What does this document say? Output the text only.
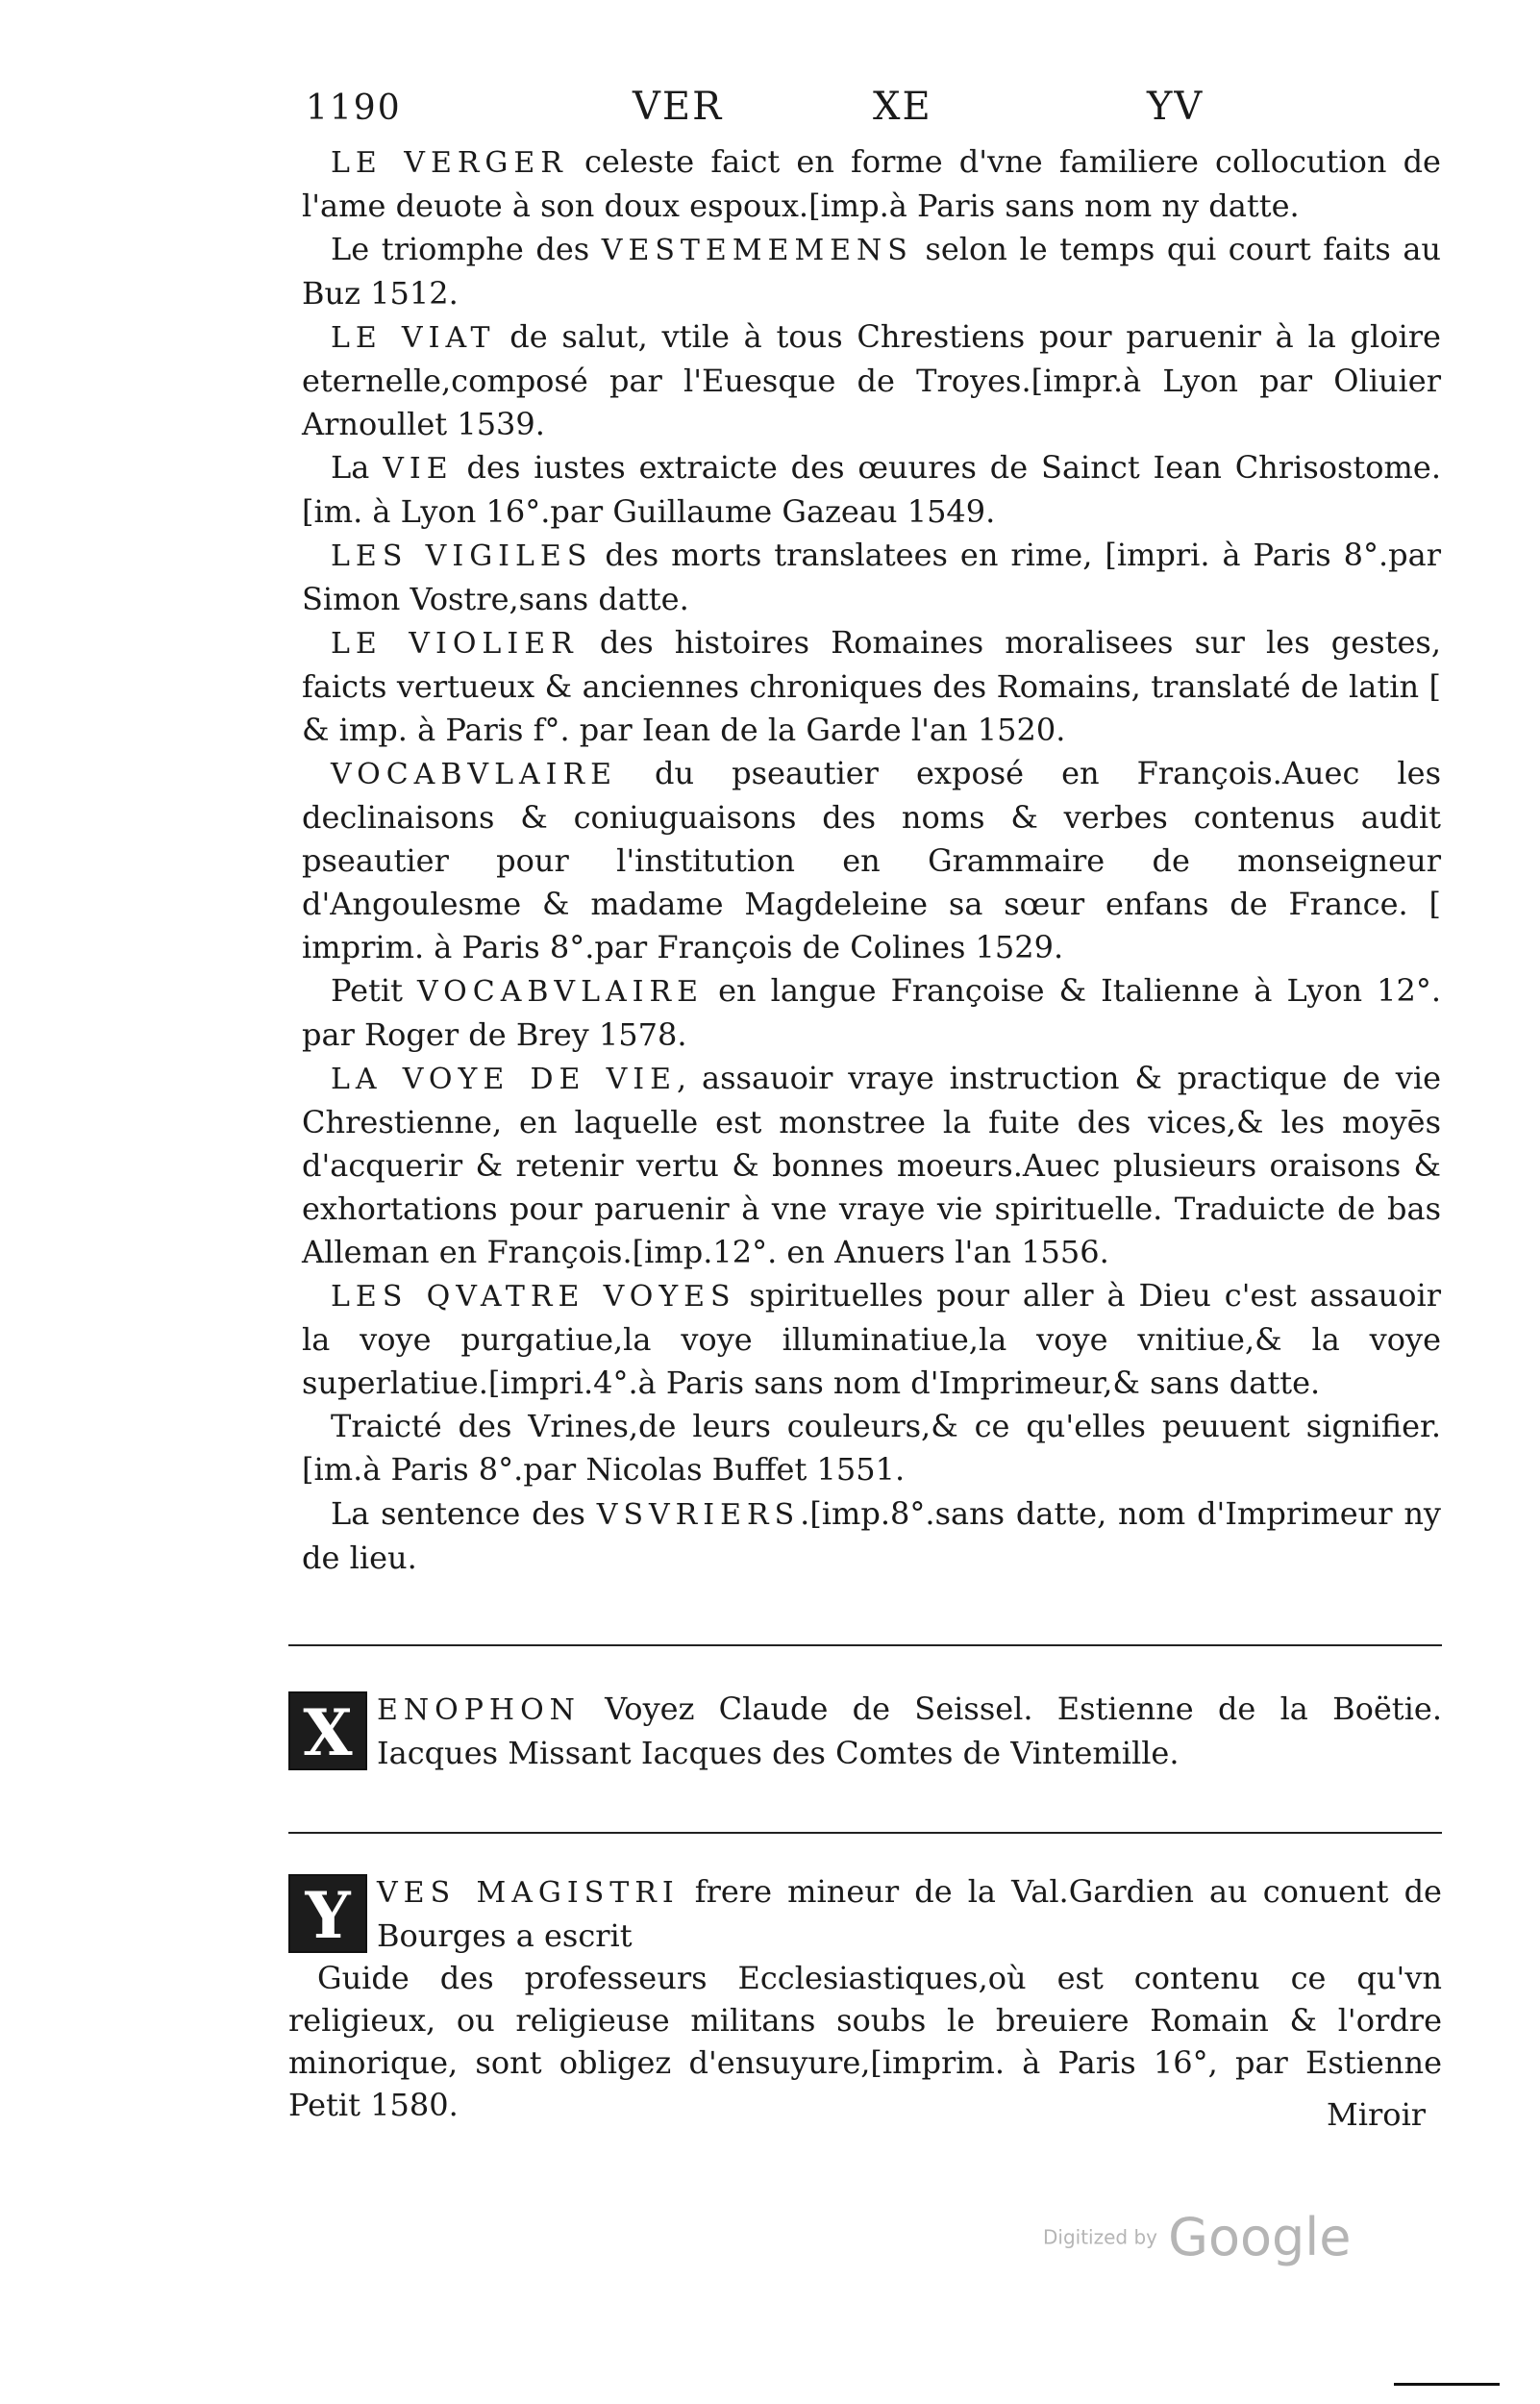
1190	VER	XE	YV

LE VERGER celeste faict en forme d'vne familiere collocution de l'ame deuote à son doux espoux.[imp.à Paris sans nom ny datte.

Le triomphe des VESTEMEMENS selon le temps qui court faits au Buz 1512.

LE VIAT de salut, vtile à tous Chrestiens pour paruenir à la gloire eternelle,composé par l'Euesque de Troyes.[impr.à Lyon par Oliuier Arnoullet 1539.

La VIE des iustes extraicte des œuures de Sainct Iean Chrisostome. [im. à Lyon 16°.par Guillaume Gazeau 1549.

LES VIGILES des morts translatees en rime, [impri. à Paris 8°.par Simon Vostre,sans datte.

LE VIOLIER des histoires Romaines moralisees sur les gestes, faicts vertueux & anciennes chroniques des Romains, translaté de latin [ & imp. à Paris f°. par Iean de la Garde l'an 1520.

VOCABVLAIRE du pseautier exposé en François.Auec les declinaisons & coniuguaisons des noms & verbes contenus audit pseautier pour l'institution en Grammaire de monseigneur d'Angoulesme & madame Magdeleine sa sœur enfans de France. [ imprim. à Paris 8°.par François de Colines 1529.

Petit VOCABVLAIRE en langue Françoise & Italienne à Lyon 12°. par Roger de Brey 1578.

LA VOYE DE VIE, assauoir vraye instruction & practique de vie Chrestienne, en laquelle est monstree la fuite des vices,& les moyēs d'acquerir & retenir vertu & bonnes moeurs.Auec plusieurs oraisons & exhortations pour paruenir à vne vraye vie spirituelle. Traduicte de bas Alleman en François.[imp.12°. en Anuers l'an 1556.

LES QVATRE VOYES spirituelles pour aller à Dieu c'est assauoir la voye purgatiue,la voye illuminatiue,la voye vnitiue,& la voye superlatiue.[impri.4°.à Paris sans nom d'Imprimeur,& sans datte.

Traicté des Vrines,de leurs couleurs,& ce qu'elles peuuent signifier. [im.à Paris 8°.par Nicolas Buffet 1551.

La sentence des VSVRIERS.[imp.8°.sans datte, nom d'Imprimeur ny de lieu.

X ENOPHON Voyez Claude de Seissel. Estienne de la Boëtie. Iacques Missant Iacques des Comtes de Vintemille.
Y VES MAGISTRI frere mineur de la Val.Gardien au conuent de Bourges a escrit

Guide des professeurs Ecclesiastiques,où est contenu ce qu'vn religieux, ou religieuse militans soubs le breuiere Romain & l'ordre minorique, sont obligez d'ensuyure,[imprim. à Paris 16°, par Estienne Petit 1580.	Miroir
Digitized by Google
